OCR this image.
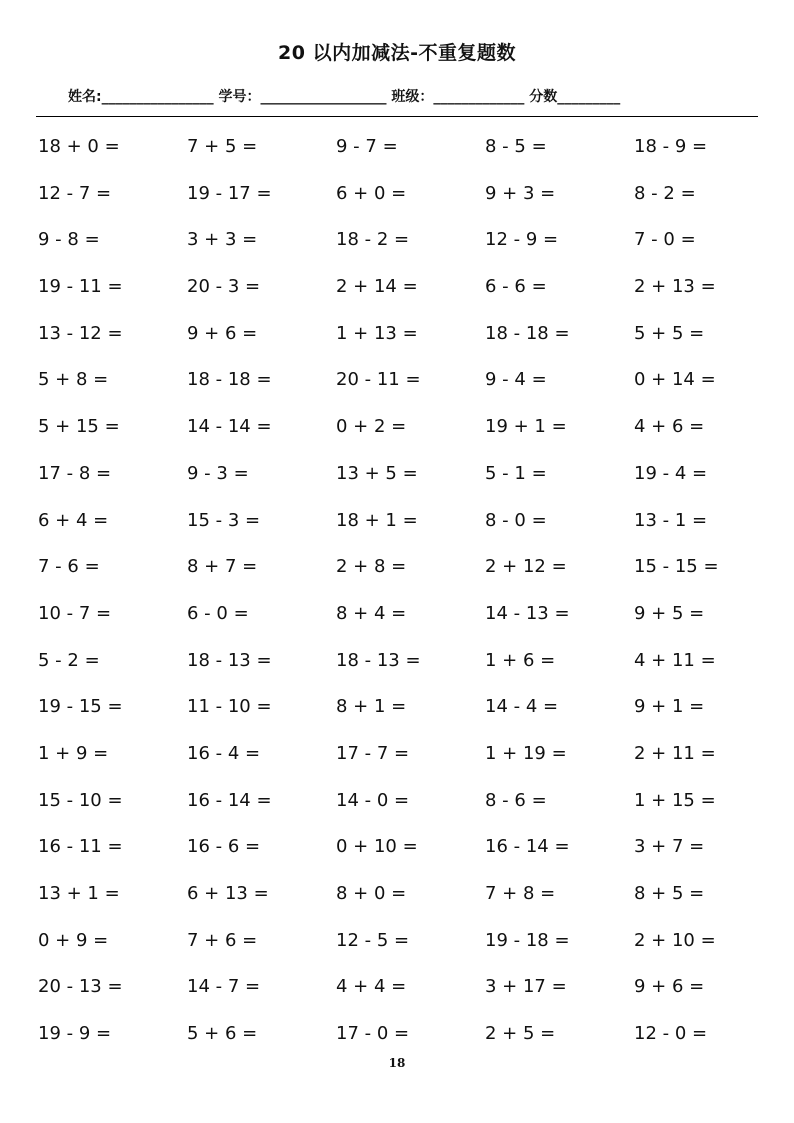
20 以内加减法-不重复题数
姓名:________________ 学号：__________________ 班级：_____________ 分数_________
18 + 0 =	7 + 5 =	9 - 7 =	8 - 5 =	18 - 9 =
12 - 7 =	19 - 17 =	6 + 0 =	9 + 3 =	8 - 2 =
9 - 8 =	3 + 3 =	18 - 2 =	12 - 9 =	7 - 0 =
19 - 11 =	20 - 3 =	2 + 14 =	6 - 6 =	2 + 13 =
13 - 12 =	9 + 6 =	1 + 13 =	18 - 18 =	5 + 5 =
5 + 8 =	18 - 18 =	20 - 11 =	9 - 4 =	0 + 14 =
5 + 15 =	14 - 14 =	0 + 2 =	19 + 1 =	4 + 6 =
17 - 8 =	9 - 3 =	13 + 5 =	5 - 1 =	19 - 4 =
6 + 4 =	15 - 3 =	18 + 1 =	8 - 0 =	13 - 1 =
7 - 6 =	8 + 7 =	2 + 8 =	2 + 12 =	15 - 15 =
10 - 7 =	6 - 0 =	8 + 4 =	14 - 13 =	9 + 5 =
5 - 2 =	18 - 13 =	18 - 13 =	1 + 6 =	4 + 11 =
19 - 15 =	11 - 10 =	8 + 1 =	14 - 4 =	9 + 1 =
1 + 9 =	16 - 4 =	17 - 7 =	1 + 19 =	2 + 11 =
15 - 10 =	16 - 14 =	14 - 0 =	8 - 6 =	1 + 15 =
16 - 11 =	16 - 6 =	0 + 10 =	16 - 14 =	3 + 7 =
13 + 1 =	6 + 13 =	8 + 0 =	7 + 8 =	8 + 5 =
0 + 9 =	7 + 6 =	12 - 5 =	19 - 18 =	2 + 10 =
20 - 13 =	14 - 7 =	4 + 4 =	3 + 17 =	9 + 6 =
19 - 9 =	5 + 6 =	17 - 0 =	2 + 5 =	12 - 0 =
18
